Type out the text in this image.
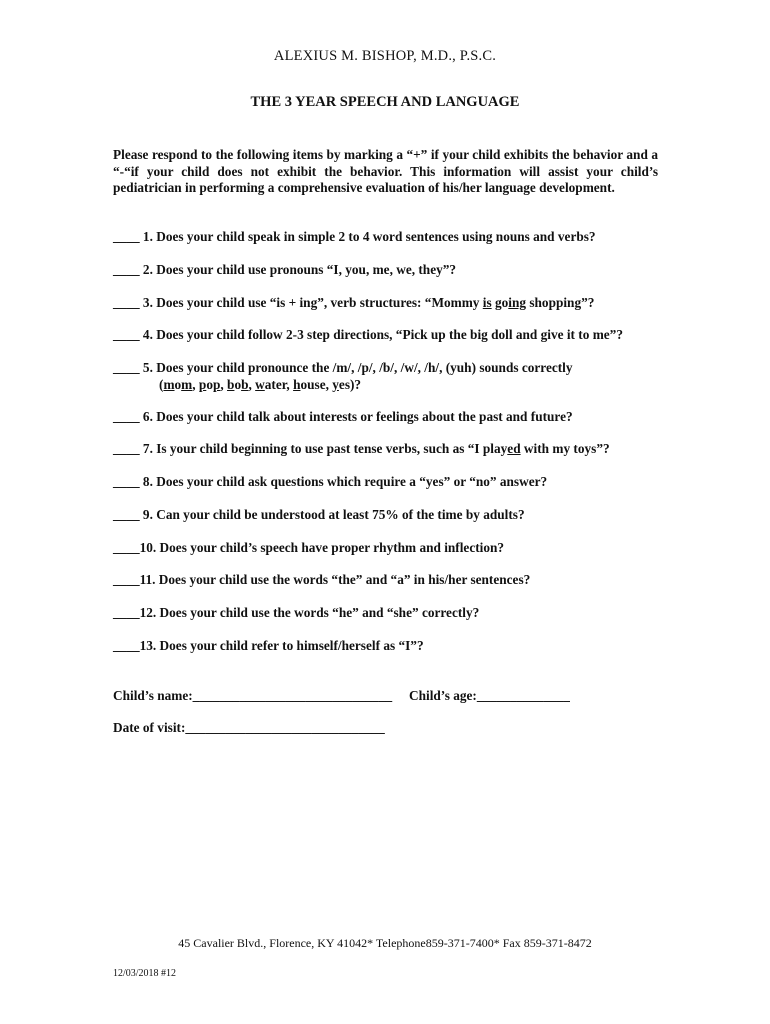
ALEXIUS M. BISHOP, M.D., P.S.C.
THE 3 YEAR SPEECH AND LANGUAGE
Please respond to the following items by marking a “+” if your child exhibits the behavior and a “-“if your child does not exhibit the behavior. This information will assist your child’s pediatrician in performing a comprehensive evaluation of his/her language development.
____ 1. Does your child speak in simple 2 to 4 word sentences using nouns and verbs?
____ 2. Does your child use pronouns “I, you, me, we, they”?
____ 3. Does your child use “is + ing”, verb structures: “Mommy is going shopping”?
____ 4. Does your child follow 2-3 step directions, “Pick up the big doll and give it to me”?
____ 5. Does your child pronounce the /m/, /p/, /b/, /w/, /h/, (yuh) sounds correctly
(mom, pop, bob, water, house, yes)?
____ 6. Does your child talk about interests or feelings about the past and future?
____ 7. Is your child beginning to use past tense verbs, such as “I played with my toys”?
____ 8. Does your child ask questions which require a “yes” or “no” answer?
____ 9. Can your child be understood at least 75% of the time by adults?
____10. Does your child’s speech have proper rhythm and inflection?
____11. Does your child use the words “the” and “a” in his/her sentences?
____12. Does your child use the words “he” and “she” correctly?
____13. Does your child refer to himself/herself as “I”?
Child’s name:______________________________ Child’s age:______________
Date of visit:______________________________
45 Cavalier Blvd., Florence, KY 41042* Telephone859-371-7400* Fax 859-371-8472
12/03/2018 #12
